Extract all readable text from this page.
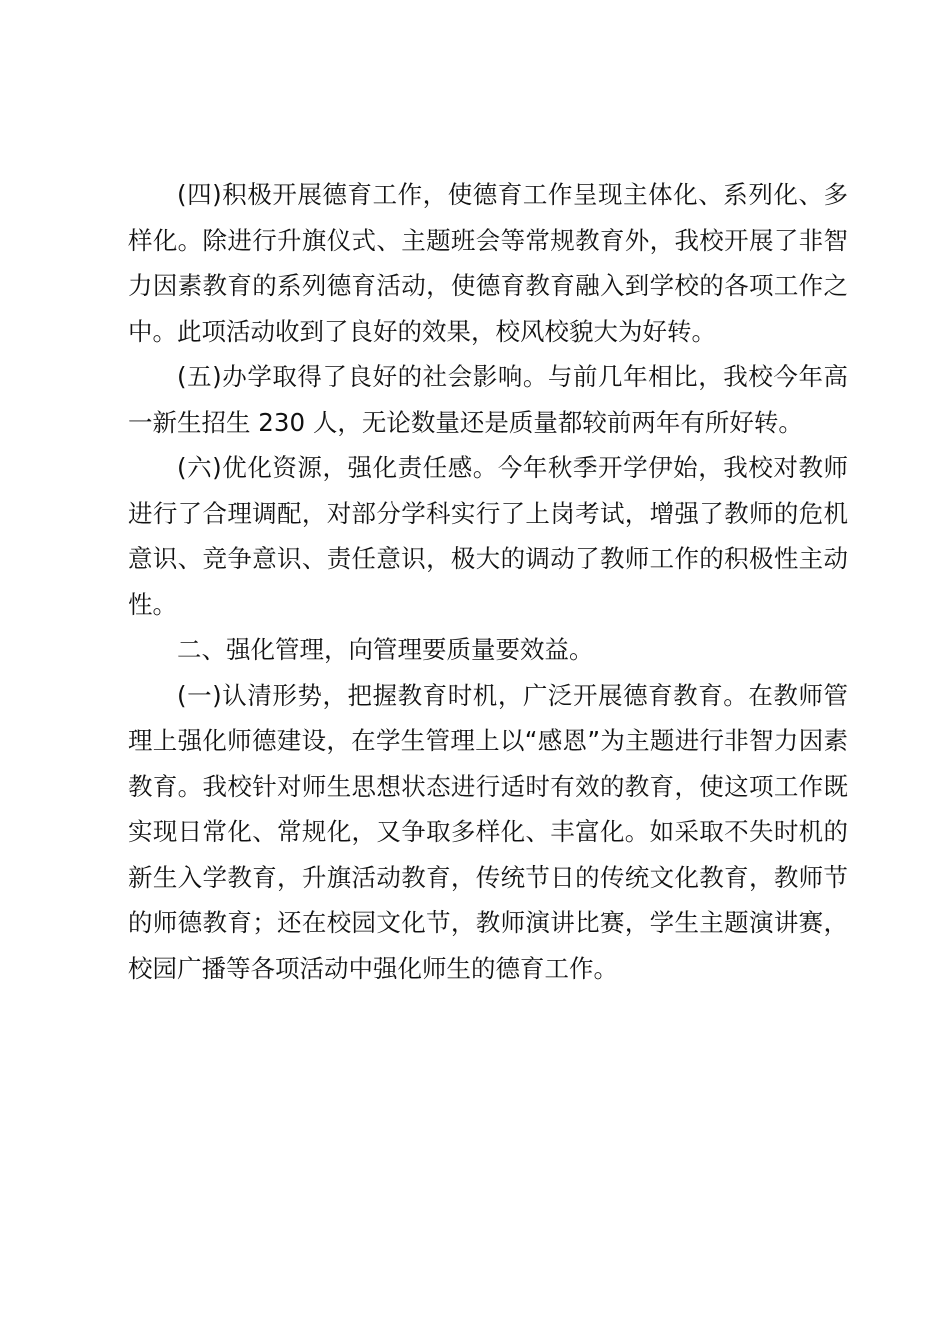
(四)积极开展德育工作，使德育工作呈现主体化、系列化、多样化。除进行升旗仪式、主题班会等常规教育外，我校开展了非智力因素教育的系列德育活动，使德育教育融入到学校的各项工作之中。此项活动收到了良好的效果，校风校貌大为好转。

(五)办学取得了良好的社会影响。与前几年相比，我校今年高一新生招生 230 人，无论数量还是质量都较前两年有所好转。

(六)优化资源，强化责任感。今年秋季开学伊始，我校对教师进行了合理调配，对部分学科实行了上岗考试，增强了教师的危机意识、竞争意识、责任意识，极大的调动了教师工作的积极性主动性。

二、强化管理，向管理要质量要效益。

(一)认清形势，把握教育时机，广泛开展德育教育。在教师管理上强化师德建设，在学生管理上以“感恩”为主题进行非智力因素教育。我校针对师生思想状态进行适时有效的教育，使这项工作既实现日常化、常规化，又争取多样化、丰富化。如采取不失时机的新生入学教育，升旗活动教育，传统节日的传统文化教育，教师节的师德教育；还在校园文化节，教师演讲比赛，学生主题演讲赛，校园广播等各项活动中强化师生的德育工作。
